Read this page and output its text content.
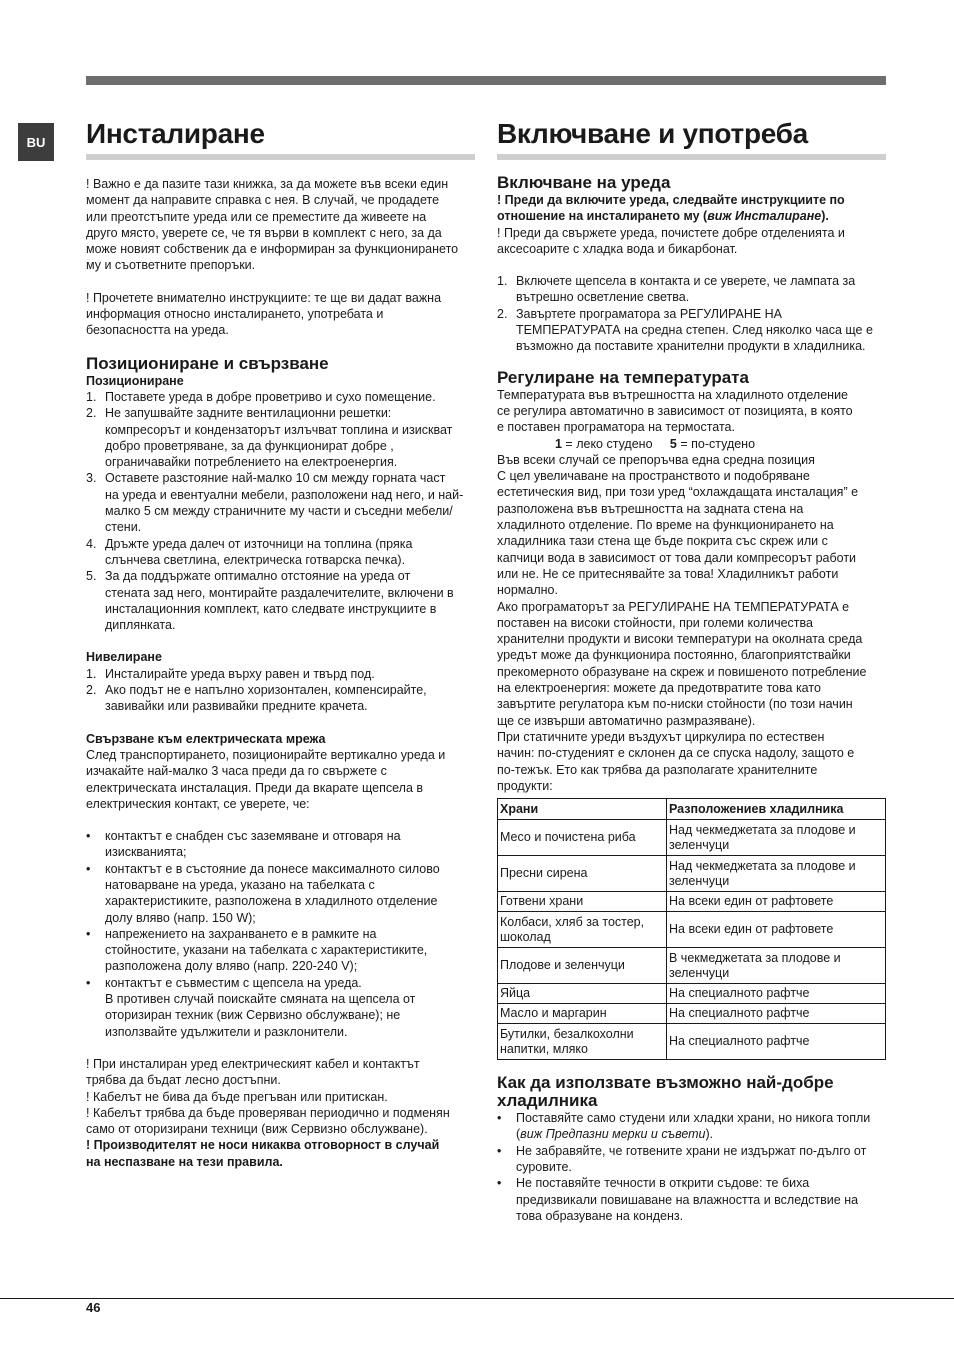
BU	Инсталиране

! Важно е да пазите тази книжка, за да можете във всеки един

момент да направите справка с нея. В случай, че продадете

или преотстъпите уреда или се преместите да живеете на

друго място, уверете се, че тя върви в комплект с него, за да

може новият собственик да е информиран за функционирането

му и съответните препоръки.

! Прочетете внимателно инструкциите: те ще ви дадат важна

информация относно инсталирането, употребата и

безопасността на уреда.

Позициониране и свързване
Позициониране
1. Поставете уреда в добре проветриво и сухо помещение.
2. Не запушвайте задните вентилационни решетки:
компресорът и кондензаторът излъчват топлина и изискват
добро проветряване, за да функционират добре ,
ограничавайки потреблението на електроенергия.
3. Оставете разстояние най-малко 10 см между горната част
на уреда и евентуални мебели, разположени над него, и най-
малко 5 см между страничните му части и съседни мебели/
стени.
4. Дръжте уреда далеч от източници на топлина (пряка
слънчева светлина, електрическа готварска печка).
5. За да поддържате оптимално отстояние на уреда от
стената зад него, монтирайте раздалечителите, включени в
инсталационния комплект, като следвате инструкциите в
диплянката.
Нивелиране
1. Инсталирайте уреда върху равен и твърд под.
2. Ако подът не е напълно хоризонтален, компенсирайте,
завивайки или развивайки предните крачета.
Свързване към електрическата мрежа

След транспортирането, позиционирайте вертикално уреда и

изчакайте най-малко 3 часа преди да го свържете с

електрическата инсталация. Преди да вкарате щепсела в

електрическия контакт, се уверете, че:

• контактът е снабден със заземяване и отговаря на
изискванията;
• контактът е в състояние да понесе максималното силово
натоварване на уреда, указано на табелката с
характеристиките, разположена в хладилното отделение
долу вляво (напр. 150 W);
• напрежението на захранването е в рамките на
стойностите, указани на табелката с характеристиките,
разположена долу вляво (напр. 220-240 V);
• контактът е съвместим с щепсела на уреда.
В противен случай поискайте смяната на щепсела от
оторизиран техник (виж Сервизно обслужване); не
използвайте удължители и разклонители.

! При инсталиран уред електрическият кабел и контактът

трябва да бъдат лесно достъпни.

! Кабелът не бива да бъде прегъван или притискан.

! Кабелът трябва да бъде проверяван периодично и подменян

само от оторизирани техници (виж Сервизно обслужване).

! Производителят не носи никаква отговорност в случай

на неспазване на тези правила.

Включване и употреба
Включване на уреда

! Преди да включите уреда, следвайте инструкциите по

отношение на инсталирането му (виж Инсталиране).

! Преди да свържете уреда, почистете добре отделенията и

аксесоарите с хладка вода и бикарбонат.

1. Включете щепсела в контакта и се уверете, че лампата за
вътрешно осветление светва.
2. Завъртете програматора за РЕГУЛИРАНЕ НА
ТЕМПЕРАТУРАТА на средна степен. След няколко часа ще е
възможно да поставите хранителни продукти в хладилника.
Регулиране на температурата

Температурата във вътрешността на хладилното отделение

се регулира автоматично в зависимост от позицията, в която

е поставен програматора на термостата.

1 = леко студено 5 = по-студено

Във всеки случай се препоръчва една средна позиция

С цел увеличаване на пространството и подобряване

естетическия вид, при този уред “охлаждащата инсталация” е

разположена във вътрешността на задната стена на

хладилното отделение. По време на функционирането на

хладилника тази стена ще бъде покрита със скреж или с

капчици вода в зависимост от това дали компресорът работи

или не. Не се притеснявайте за това! Хладилникът работи

нормално.

Ако програматорът за РЕГУЛИРАНЕ НА ТЕМПЕРАТУРАТА е

поставен на високи стойности, при големи количества

хранителни продукти и високи температури на околната среда

уредът може да функционира постоянно, благоприятствайки

прекомерното образуване на скреж и повишеното потребление

на електроенергия: можете да предотвратите това като

завъртите регулатора към по-ниски стойности (по този начин

ще се извърши автоматично размразяване).

При статичните уреди въздухът циркулира по естествен

начин: по-студеният е склонен да се спуска надолу, защото е

по-тежък. Ето как трябва да разполагате хранителните

продукти:

Храни	Разположениев хладилника
Месо и почистена риба	Над чекмеджетата за плодове и зеленчуци
Пресни сирена	Над чекмеджетата за плодове и зеленчуци
Готвени храни	На всеки един от рафтовете
Колбаси, хляб за тостер, шоколад	На всеки един от рафтовете
Плодове и зеленчуци	В чекмеджетата за плодове и зеленчуци
Яйца	На специалното рафтче
Масло и маргарин	На специалното рафтче
Бутилки, безалкохолни напитки, мляко	На специалното рафтче
Как да използвате възможно най-добре
хладилника
• Поставяйте само студени или хладки храни, но никога топли
(виж Предпазни мерки и съвети).
• Не забравяйте, че готвените храни не издържат по-дълго от
суровите.
• Не поставяйте течности в открити съдове: те биха
предизвикали повишаване на влажността и вследствие на
това образуване на конденз.
46
